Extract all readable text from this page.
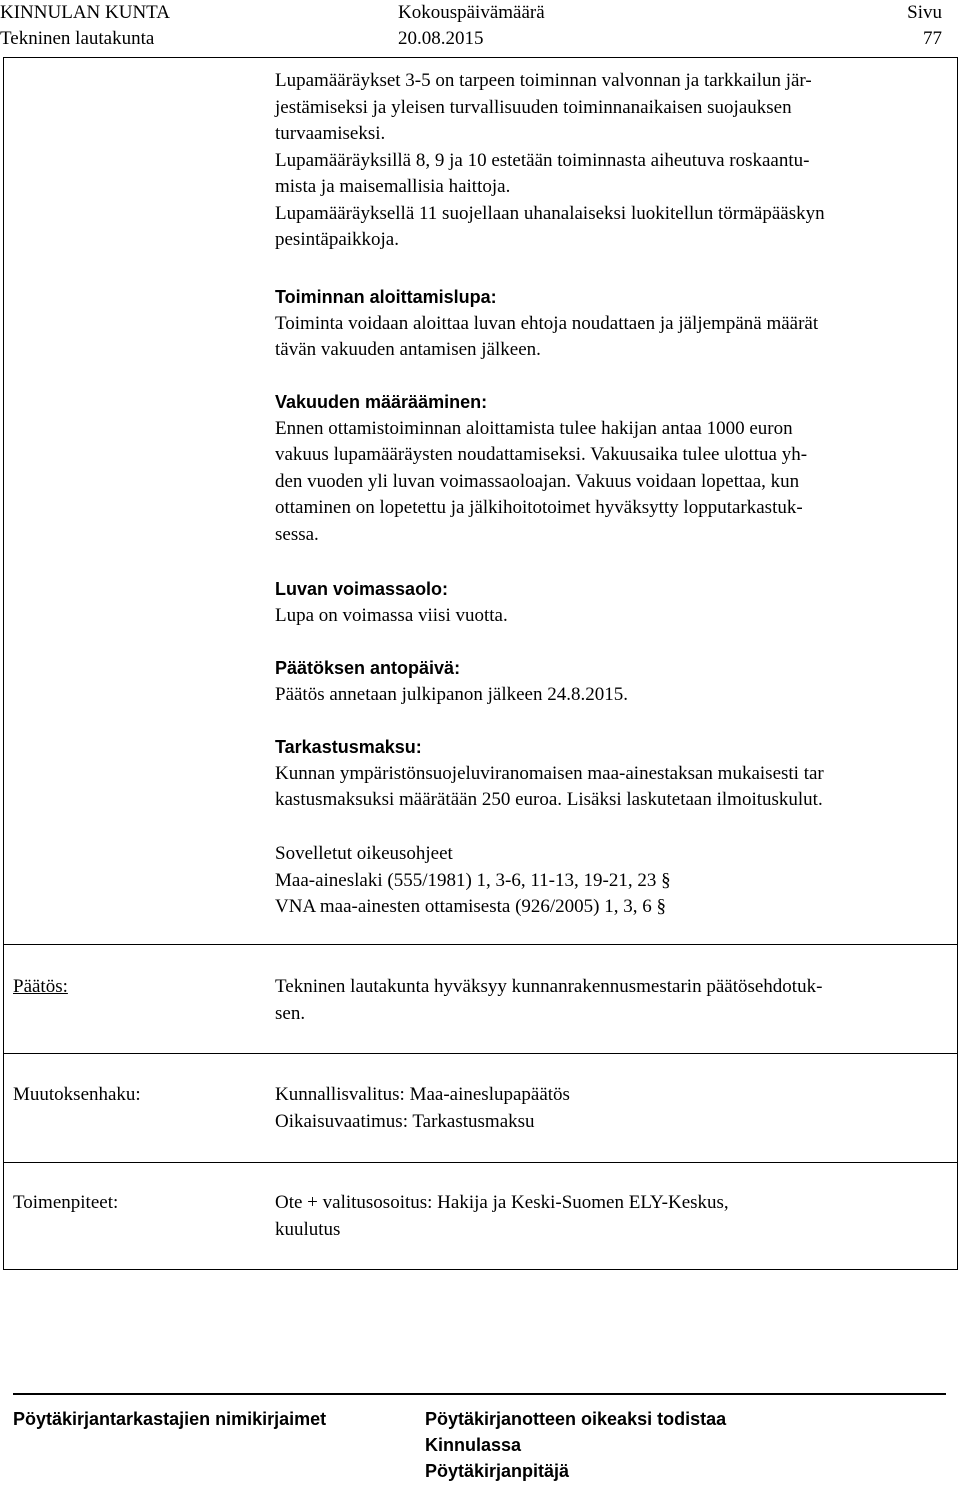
KINNULAN KUNTA
Tekninen lautakunta
Kokouspäivämäärä
20.08.2015
Sivu
77
Lupamääräykset 3-5 on tarpeen toiminnan valvonnan ja tarkkailun jär-
jestämiseksi ja yleisen turvallisuuden toiminnanaikaisen suojauksen
turvaamiseksi.
Lupamääräyksillä 8, 9 ja 10 estetään toiminnasta aiheutuva roskaantu-
mista ja maisemallisia haittoja.
Lupamääräyksellä 11 suojellaan uhanalaiseksi luokitellun törmäpääskyn
pesintäpaikkoja.
Toiminnan aloittamislupa:
Toiminta voidaan aloittaa luvan ehtoja noudattaen ja jäljempänä määrät
tävän vakuuden antamisen jälkeen.
Vakuuden määrääminen:
Ennen ottamistoiminnan aloittamista tulee hakijan antaa 1000 euron
vakuus lupamääräysten noudattamiseksi. Vakuusaika tulee ulottua yh-
den vuoden yli luvan voimassaoloajan. Vakuus voidaan lopettaa, kun
ottaminen on lopetettu ja jälkihoitotoimet hyväksytty lopputarkastuk-
sessa.
Luvan voimassaolo:
Lupa on voimassa viisi vuotta.
Päätöksen antopäivä:
Päätös annetaan julkipanon jälkeen 24.8.2015.
Tarkastusmaksu:
Kunnan ympäristönsuojeluviranomaisen maa-ainestaksan mukaisesti tar
kastusmaksuksi määrätään 250 euroa. Lisäksi laskutetaan ilmoituskulut.
Sovelletut oikeusohjeet
Maa-aineslaki (555/1981) 1, 3-6, 11-13, 19-21, 23 §
VNA maa-ainesten ottamisesta (926/2005) 1, 3, 6 §
Päätös:	Tekninen lautakunta hyväksyy kunnanrakennusmestarin päätösehdotuk-
sen.
Muutoksenhaku:	Kunnallisvalitus: Maa-aineslupapäätös
Oikaisuvaatimus: Tarkastusmaksu
Toimenpiteet:	Ote + valitusosoitus: Hakija ja Keski-Suomen ELY-Keskus,
kuulutus
Pöytäkirjantarkastajien nimikirjaimet	Pöytäkirjanotteen oikeaksi todistaa
Kinnulassa
Pöytäkirjanpitäjä
